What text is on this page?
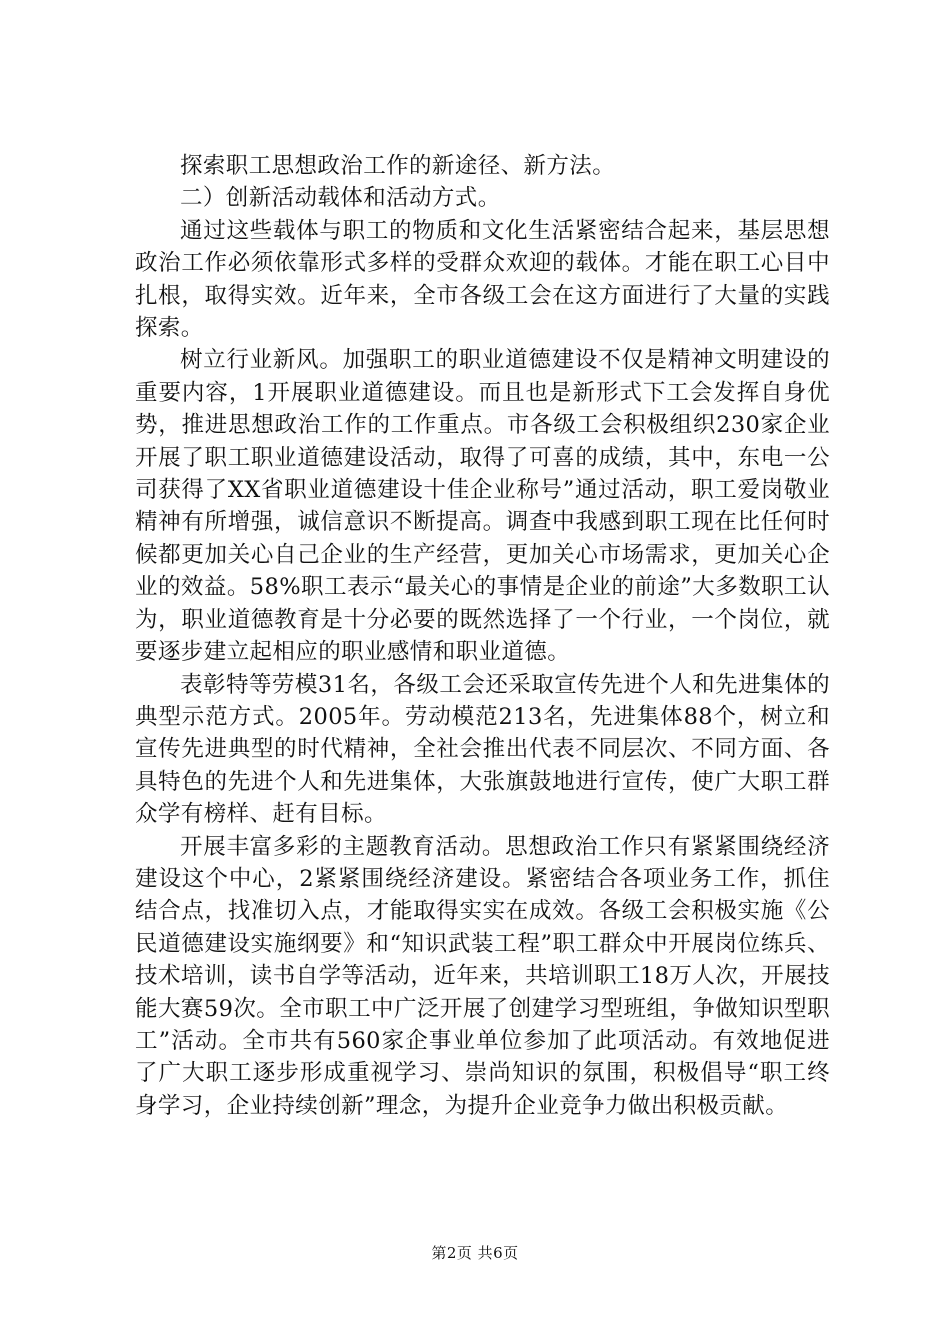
探索职工思想政治工作的新途径、新方法。

二）创新活动载体和活动方式。

通过这些载体与职工的物质和文化生活紧密结合起来，基层思想政治工作必须依靠形式多样的受群众欢迎的载体。才能在职工心目中扎根，取得实效。近年来，全市各级工会在这方面进行了大量的实践探索。

树立行业新风。加强职工的职业道德建设不仅是精神文明建设的重要内容，1开展职业道德建设。而且也是新形式下工会发挥自身优势，推进思想政治工作的工作重点。市各级工会积极组织230家企业开展了职工职业道德建设活动，取得了可喜的成绩，其中，东电一公司获得了XX省职业道德建设十佳企业称号”通过活动，职工爱岗敬业精神有所增强，诚信意识不断提高。调查中我感到职工现在比任何时候都更加关心自己企业的生产经营，更加关心市场需求，更加关心企业的效益。58%职工表示“最关心的事情是企业的前途”大多数职工认为，职业道德教育是十分必要的既然选择了一个行业，一个岗位，就要逐步建立起相应的职业感情和职业道德。

表彰特等劳模31名，各级工会还采取宣传先进个人和先进集体的典型示范方式。2005年。劳动模范213名，先进集体88个，树立和宣传先进典型的时代精神，全社会推出代表不同层次、不同方面、各具特色的先进个人和先进集体，大张旗鼓地进行宣传，使广大职工群众学有榜样、赶有目标。

开展丰富多彩的主题教育活动。思想政治工作只有紧紧围绕经济建设这个中心，2紧紧围绕经济建设。紧密结合各项业务工作，抓住结合点，找准切入点，才能取得实实在成效。各级工会积极实施《公民道德建设实施纲要》和“知识武装工程”职工群众中开展岗位练兵、技术培训，读书自学等活动，近年来，共培训职工18万人次，开展技能大赛59次。全市职工中广泛开展了创建学习型班组，争做知识型职工”活动。全市共有560家企事业单位参加了此项活动。有效地促进了广大职工逐步形成重视学习、崇尚知识的氛围，积极倡导“职工终身学习，企业持续创新”理念，为提升企业竞争力做出积极贡献。

第2页 共6页
